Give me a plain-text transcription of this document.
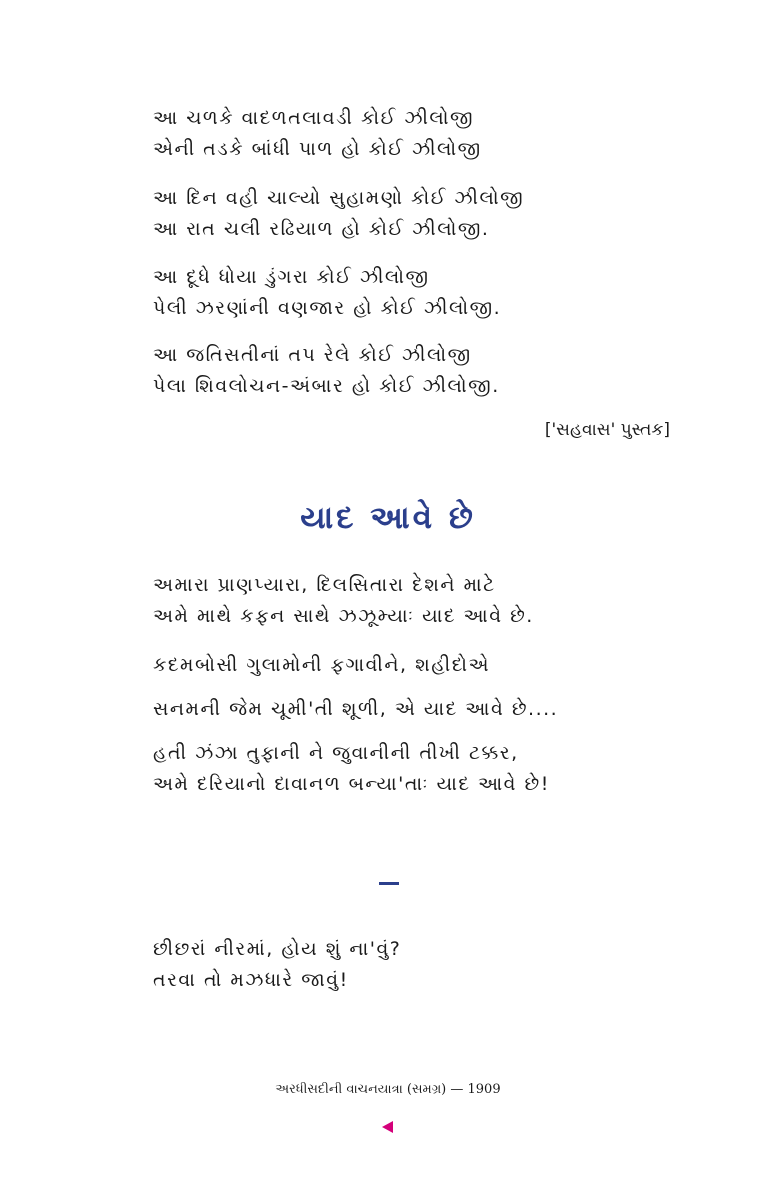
આ ચળકે વાદળતલાવડી કોઈ ઝીલોજી
એની તડકે બાંધી પાળ હો કોઈ ઝીલોજી
આ દિન વહી ચાલ્યો સુહામણો કોઈ ઝીલોજી
આ રાત ચલી રઢિયાળ હો કોઈ ઝીલોજી.
આ દૂધે ધોયા ડુંગરા કોઈ ઝીલોજી
પેલી ઝરણાંની વણજાર હો કોઈ ઝીલોજી.
આ જતિસતીનાં તપ રેલે કોઈ ઝીલોજી
પેલા શિવલોચન-અંબાર હો કોઈ ઝીલોજી.
['સહવાસ' પુસ્તક]
યાદ આવે છે
અમારા પ્રાણપ્યારા, દિલસિતારા દેશને માટે
અમે માથે કફન સાથે ઝઝૂમ્યાઃ યાદ આવે છે.
કદમબોસી ગુલામોની ફગાવીને, શહીદોએ
સનમની જેમ ચૂમી'તી શૂળી, એ યાદ આવે છે....
હતી ઝંઝા તુફાની ને જુવાનીની તીખી ટક્કર,
અમે દરિયાનો દાવાનળ બન્યા'તાઃ યાદ આવે છે!
છીછરાં નીરમાં, હોય શું ના'વું?
તરવા તો મઝધારે જાવું!
અરધીસદીની વાચનયાત્રા (સમગ્ર) — 1909
